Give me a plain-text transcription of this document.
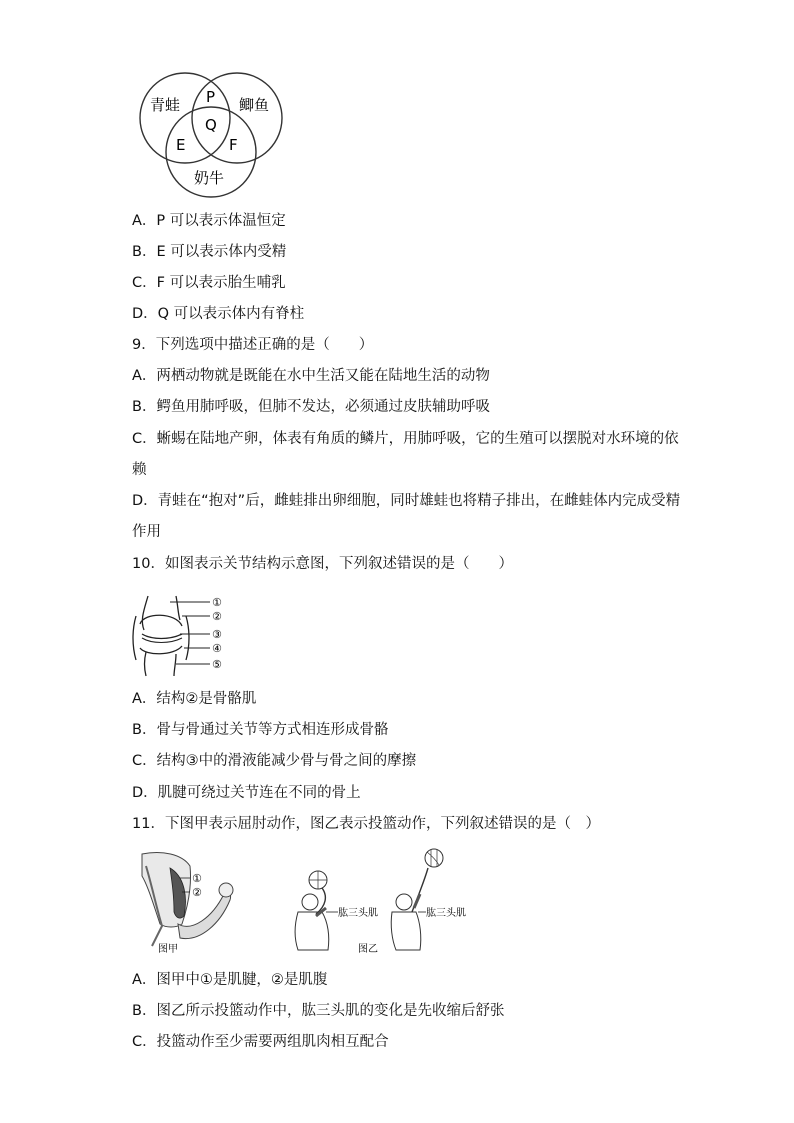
青蛙	鲫鱼
奶牛
P
Q
E	F
A．P 可以表示体温恒定
B．E 可以表示体内受精
C．F 可以表示胎生哺乳
D．Q 可以表示体内有脊柱
9．下列选项中描述正确的是（　　）
A．两栖动物就是既能在水中生活又能在陆地生活的动物
B．鳄鱼用肺呼吸，但肺不发达，必须通过皮肤辅助呼吸
C．蜥蜴在陆地产卵，体表有角质的鳞片，用肺呼吸，它的生殖可以摆脱对水环境的依
赖
D．青蛙在“抱对”后，雌蛙排出卵细胞，同时雄蛙也将精子排出，在雌蛙体内完成受精
作用
10．如图表示关节结构示意图，下列叙述错误的是（　　）
①
②
③
④
⑤
A．结构②是骨骼肌
B．骨与骨通过关节等方式相连形成骨骼
C．结构③中的滑液能减少骨与骨之间的摩擦
D．肌腱可绕过关节连在不同的骨上
11．下图甲表示屈肘动作，图乙表示投篮动作，下列叙述错误的是（　）
①
②
图甲
肱三头肌	肱三头肌
图乙
A．图甲中①是肌腱，②是肌腹
B．图乙所示投篮动作中，肱三头肌的变化是先收缩后舒张
C．投篮动作至少需要两组肌肉相互配合
